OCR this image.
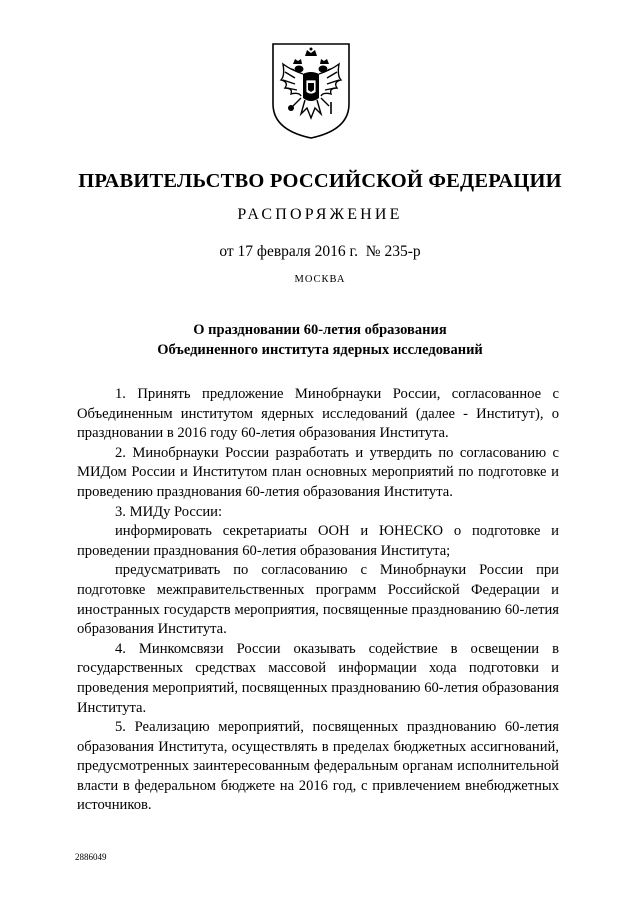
ПРАВИТЕЛЬСТВО РОССИЙСКОЙ ФЕДЕРАЦИИ
РАСПОРЯЖЕНИЕ
от 17 февраля 2016 г.  № 235-р
МОСКВА
О праздновании 60-летия образования
Объединенного института ядерных исследований

1. Принять предложение Минобрнауки России, согласованное с Объединенным институтом ядерных исследований (далее - Институт), о праздновании в 2016 году 60-летия образования Института.

2. Минобрнауки России разработать и утвердить по согласованию с МИДом России и Институтом план основных мероприятий по подготовке и проведению празднования 60-летия образования Института.

3. МИДу России:

информировать секретариаты ООН и ЮНЕСКО о подготовке и проведении празднования 60-летия образования Института;

предусматривать по согласованию с Минобрнауки России при подготовке межправительственных программ Российской Федерации и иностранных государств мероприятия, посвященные празднованию 60-летия образования Института.

4. Минкомсвязи России оказывать содействие в освещении в государственных средствах массовой информации хода подготовки и проведения мероприятий, посвященных празднованию 60-летия образования Института.

5. Реализацию мероприятий, посвященных празднованию 60-летия образования Института, осуществлять в пределах бюджетных ассигнований, предусмотренных заинтересованным федеральным органам исполнительной власти в федеральном бюджете на 2016 год, с привлечением внебюджетных источников.

2886049
